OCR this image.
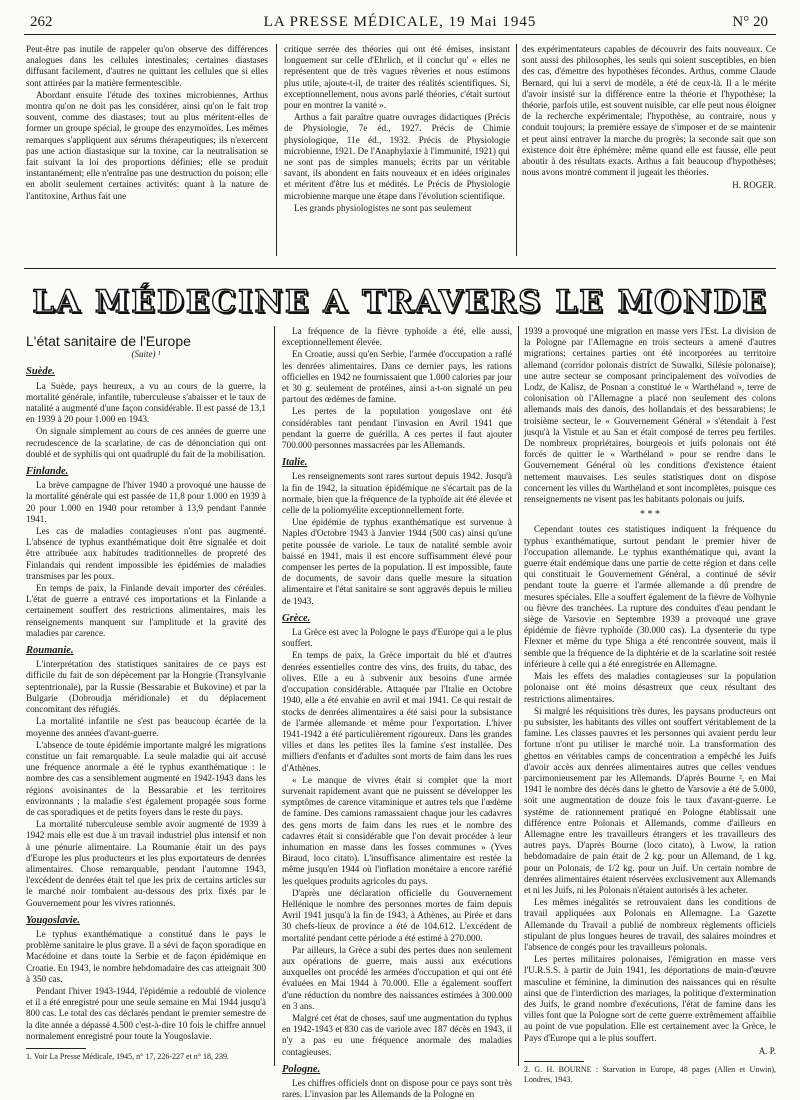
262	LA PRESSE MÉDICALE, 19 Mai 1945	N° 20

Peut-être pas inutile de rappeler qu'on observe des différences analogues dans les cellules intestinales; certaines diastases diffusant facilement, d'autres ne quittant les cellules que si elles sont attirées par la matière fermentescible.

Abordant ensuite l'étude des toxines microbiennes, Arthus montra qu'on ne doit pas les considérer, ainsi qu'on le fait trop souvent, comme des diastases; tout au plus méritent-elles de former un groupe spécial, le groupe des enzymoïdes. Les mêmes remarques s'appliquent aux sérums thérapeutiques; ils n'exercent pas une action diastasique sur la toxine, car la neutralisation se fait suivant la loi des proportions définies; elle se produit instantanément; elle n'entraîne pas une destruction du poison; elle en abolit seulement certaines activités: quant à la nature de l'antitoxine, Arthus fait une

critique serrée des théories qui ont été émises, insistant longuement sur celle d'Ehrlich, et il conclut qu' « elles ne représentent que de très vagues rêveries et nous estimons plus utile, ajoute-t-il, de traiter des réalités scientifiques. Si, exceptionnellement, nous avons parlé théories, c'était surtout pour en montrer la vanité ».

Arthus a fait paraître quatre ouvrages didactiques (Précis de Physiologie, 7e éd., 1927. Précis de Chimie physiologique, 11e éd., 1932. Précis de Physiologie microbienne, 1921. De l'Anaphylaxie à l'immunité, 1921) qui ne sont pas de simples manuels; écrits par un véritable savant, ils abondent en faits nouveaux et en idées originales et méritent d'être lus et médités. Le Précis de Physiologie microbienne marque une étape dans l'évolution scientifique.

Les grands physiologistes ne sont pas seulement

des expérimentateurs capables de découvrir des faits nouveaux. Ce sont aussi des philosophes, les seuls qui soient susceptibles, en bien des cas, d'émettre des hypothèses fécondes. Arthus, comme Claude Bernard, qui lui a servi de modèle, a été de ceux-là. Il a le mérite d'avoir insisté sur la différence entre la théorie et l'hypothèse; la théorie, parfois utile, est souvent nuisible, car elle peut nous éloigner de la recherche expérimentale; l'hypothèse, au contraire, nous y conduit toujours; la première essaye de s'imposer et de se maintenir et peut ainsi entraver la marche du progrès; la seconde sait que son existence doit être éphémère; même quand elle est fausse, elle peut aboutir à des résultats exacts. Arthus a fait beaucoup d'hypothèses; nous avons montré comment il jugeait les théories.

H. ROGER.
LA MÉDECINE A TRAVERS LE MONDE
L'état sanitaire de l'Europe
(Suite) ¹
Suède.

La Suède, pays heureux, a vu au cours de la guerre, la mortalité générale, infantile, tuberculeuse s'abaisser et le taux de natalité a augmenté d'une façon considérable. Il est passé de 13,1 en 1939 à 20 pour 1.000 en 1943.

On signale simplement au cours de ces années de guerre une recrudescence de la scarlatine, de cas de dénonciation qui ont doublé et de syphilis qui ont quadruplé du fait de la mobilisation.

Finlande.

La brève campagne de l'hiver 1940 a provoqué une hausse de la mortalité générale qui est passée de 11,8 pour 1.000 en 1939 à 20 pour 1.000 en 1940 pour retomber à 13,9 pendant l'année 1941.

Les cas de maladies contagieuses n'ont pas augmenté. L'absence de typhus exanthématique doit être signalée et doit être attribuée aux habitudes traditionnelles de propreté des Finlandais qui rendent impossible les épidémies de maladies transmises par les poux.

En temps de paix, la Finlande devait importer des céréales. L'état de guerre a entravé ces importations et la Finlande a certainement souffert des restrictions alimentaires, mais les renseignements manquent sur l'amplitude et la gravité des maladies par carence.

Roumanie.

L'interprétation des statistiques sanitaires de ce pays est difficile du fait de son dépècement par la Hongrie (Transylvanie septentrionale), par la Russie (Bessarabie et Bukovine) et par la Bulgarie (Dobroudja méridionale) et du déplacement concomitant des réfugiés.

La mortalité infantile ne s'est pas beaucoup écartée de la moyenne des années d'avant-guerre.

L'absence de toute épidémie importante malgré les migrations constitue un fait remarquable. La seule maladie qui ait accusé une fréquence anormale a été le typhus exanthématique : le nombre des cas a sensiblement augmenté en 1942-1943 dans les régions avoisinantes de la Bessarabie et les territoires environnants ; la maladie s'est également propagée sous forme de cas sporadiques et de petits foyers dans le reste du pays.

La mortalité tuberculeuse semble avoir augmenté de 1939 à 1942 mais elle est due à un travail industriel plus intensif et non à une pénurie alimentaire. La Roumanie était un des pays d'Europe les plus producteurs et les plus exportateurs de denrées alimentaires. Chose remarquable, pendant l'automne 1943, l'excédent de denrées était tel que les prix de certains articles sur le marché noir tombaient au-dessous des prix fixés par le Gouvernement pour les vivres rationnés.

Yougoslavie.

Le typhus exanthématique a constitué dans le pays le problème sanitaire le plus grave. Il a sévi de façon sporadique en Macédoine et dans toute la Serbie et de façon épidémique en Croatie. En 1943, le nombre hebdomadaire des cas atteignait 300 à 350 cas.

Pendant l'hiver 1943-1944, l'épidémie a redoublé de violence et il a été enregistré pour une seule semaine en Mai 1944 jusqu'à 800 cas. Le total des cas déclarés pendant le premier semestre de la dite année a dépassé 4.500 c'est-à-dire 10 fois le chiffre annuel normalement enregistré pour toute la Yougoslavie.

1. Voir La Presse Médicale, 1945, n° 17, 226-227 et n° 18, 239.

La fréquence de la fièvre typhoïde a été, elle aussi, exceptionnellement élevée.

En Croatie, aussi qu'en Serbie, l'armée d'occupation a raflé les denrées alimentaires. Dans ce dernier pays, les rations officielles en 1942 ne fournissaient que 1.000 calories par jour et 30 g. seulement de protéines, ainsi a-t-on signalé un peu partout des œdèmes de famine.

Les pertes de la population yougoslave ont été considérables tant pendant l'invasion en Avril 1941 que pendant la guerre de guérilla. A ces pertes il faut ajouter 700.000 personnes massacrées par les Allemands.

Italie.

Les renseignements sont rares surtout depuis 1942. Jusqu'à la fin de 1942, la situation épidémique ne s'écartait pas de la normale, bien que la fréquence de la typhoïde ait été élevée et celle de la poliomyélite exceptionnellement forte.

Une épidémie de typhus exanthématique est survenue à Naples d'Octobre 1943 à Janvier 1944 (500 cas) ainsi qu'une petite poussée de variole. Le taux de natalité semble avoir baissé en 1941, mais il est encore suffisamment élevé pour compenser les pertes de la population. Il est impossible, faute de documents, de savoir dans quelle mesure la situation alimentaire et l'état sanitaire se sont aggravés depuis le milieu de 1943.

Grèce.

La Grèce est avec la Pologne le pays d'Europe qui a le plus souffert.

En temps de paix, la Grèce importait du blé et d'autres denrées essentielles contre des vins, des fruits, du tabac, des olives. Elle a eu à subvenir aux besoins d'une armée d'occupation considérable. Attaquée par l'Italie en Octobre 1940, elle a été envahie en avril et mai 1941. Ce qui restait de stocks de denrées alimentaires a été saisi pour la subsistance de l'armée allemande et même pour l'exportation. L'hiver 1941-1942 a été particulièrement rigoureux. Dans les grandes villes et dans les petites îles la famine s'est installée. Des milliers d'enfants et d'adultes sont morts de faim dans les rues d'Athènes.

« Le manque de vivres était si complet que la mort survenait rapidement avant que ne puissent se développer les symptômes de carence vitaminique et autres tels que l'œdème de famine. Des camions ramassaient chaque jour les cadavres des gens morts de faim dans les rues et le nombre des cadavres était si considérable que l'on devait procéder à leur inhumation en masse dans les fosses communes » (Yves Biraud, loco citato). L'insuffisance alimentaire est restée la même jusqu'en 1944 où l'inflation monétaire a encore raréfié les quelques produits agricoles du pays.

D'après une déclaration officielle du Gouvernement Hellénique le nombre des personnes mortes de faim depuis Avril 1941 jusqu'à la fin de 1943, à Athènes, au Pirée et dans 30 chefs-lieux de province a été de 104.612. L'excédent de mortalité pendant cette période a été estimé à 270.000.

Par ailleurs, la Grèce a subi des pertes dues non seulement aux opérations de guerre, mais aussi aux exécutions auxquelles ont procédé les armées d'occupation et qui ont été évaluées en Mai 1944 à 70.000. Elle a également souffert d'une réduction du nombre des naissances estimées à 300.000 en 3 ans.

Malgré cet état de choses, sauf une augmentation du typhus en 1942-1943 et 830 cas de variole avec 187 décès en 1943, il n'y a pas eu une fréquence anormale des maladies contagieuses.

Pologne.

Les chiffres officiels dont on dispose pour ce pays sont très rares. L'invasion par les Allemands de la Pologne en

1939 a provoqué une migration en masse vers l'Est. La division de la Pologne par l'Allemagne en trois secteurs a amené d'autres migrations; certaines parties ont été incorporées au territoire allemand (corridor polonais district de Suwalki, Silésie polonaise); une autre secteur se composant principalement des voïvodies de Lodz, de Kalisz, de Posnan a constitué le « Warthéland », terre de colonisation où l'Allemagne a placé non seulement des colons allemands mais des danois, des hollandais et des bessarabiens; le troisième secteur, le « Gouvernement Général » s'étendait à l'est jusqu'à la Vistule et au San et était composé de terres peu fertiles. De nombreux propriétaires, bourgeois et juifs polonais ont été forcés de quitter le « Warthéland » pour se rendre dans le Gouvernement Général où les conditions d'existence étaient nettement mauvaises. Les seules statistiques dont on dispose concernent les villes du Warthéland et sont incomplètes, puisque ces renseignements ne visent pas les habitants polonais ou juifs.

* * *

Cependant toutes ces statistiques indiquent la fréquence du typhus exanthématique, surtout pendant le premier hiver de l'occupation allemande. Le typhus exanthématique qui, avant la guerre était endémique dans une partie de cette région et dans celle qui constituait le Gouvernement Général, a continué de sévir pendant toute la guerre et l'armée allemande a dû prendre de mesures spéciales. Elle a souffert également de la fièvre de Volhynie ou fièvre des tranchées. La rupture des conduites d'eau pendant le siège de Varsovie en Septembre 1939 a provoqué une grave épidémie de fièvre typhoïde (30.000 cas). La dysenterie du type Flexner et même du type Shiga a été rencontrée souvent, mais il semble que la fréquence de la diphtérie et de la scarlatine soit restée inférieure à celle qui a été enregistrée en Allemagne.

Mais les effets des maladies contagieuses sur la population polonaise ont été moins désastreux que ceux résultant des restrictions alimentaires.

Si malgré les réquisitions très dures, les paysans producteurs ont pu subsister, les habitants des villes ont souffert véritablement de la famine. Les classes pauvres et les personnes qui avaient perdu leur fortune n'ont pu utiliser le marché noir. La transformation des ghettos en véritables camps de concentration a empêché les Juifs d'avoir accès aux denrées alimentaires autres que celles vendues parcimonieusement par les Allemands. D'après Bourne ², en Mai 1941 le nombre des décès dans le ghetto de Varsovie a été de 5.000, soit une augmentation de douze fois le taux d'avant-guerre. Le système de rationnement pratiqué en Pologne établissait une différence entre Polonais et Allemands, comme d'ailleurs en Allemagne entre les travailleurs étrangers et les travailleurs des autres pays. D'après Bourne (loco citato), à Lwow, la ration hebdomadaire de pain était de 2 kg. pour un Allemand, de 1 kg. pour un Polonais, de 1/2 kg. pour un Juif. Un certain nombre de denrées alimentaires étaient réservées exclusivement aux Allemands et ni les Juifs, ni les Polonais n'étaient autorisés à les acheter.

Les mêmes inégalités se retrouvaient dans les conditions de travail appliquées aux Polonais en Allemagne. La Gazette Allemande du Travail a publié de nombreux règlements officiels stipulant de plus longues heures de travail, des salaires moindres et l'absence de congés pour les travailleurs polonais.

Les pertes militaires polonaises, l'émigration en masse vers l'U.R.S.S. à partir de Juin 1941, les déportations de main-d'œuvre masculine et féminine, la diminution des naissances qui en résulte ainsi que de l'interdiction des mariages, la politique d'extermination des Juifs, le grand nombre d'exécutions, l'état de famine dans les villes font que la Pologne sort de cette guerre extrêmement affaiblie au point de vue population. Elle est certainement avec la Grèce, le Pays d'Europe qui a le plus souffert.

A. P.
2. G. H. BOURNE : Starvation in Europe, 48 pages (Allen et Unwin), Londres, 1943.
